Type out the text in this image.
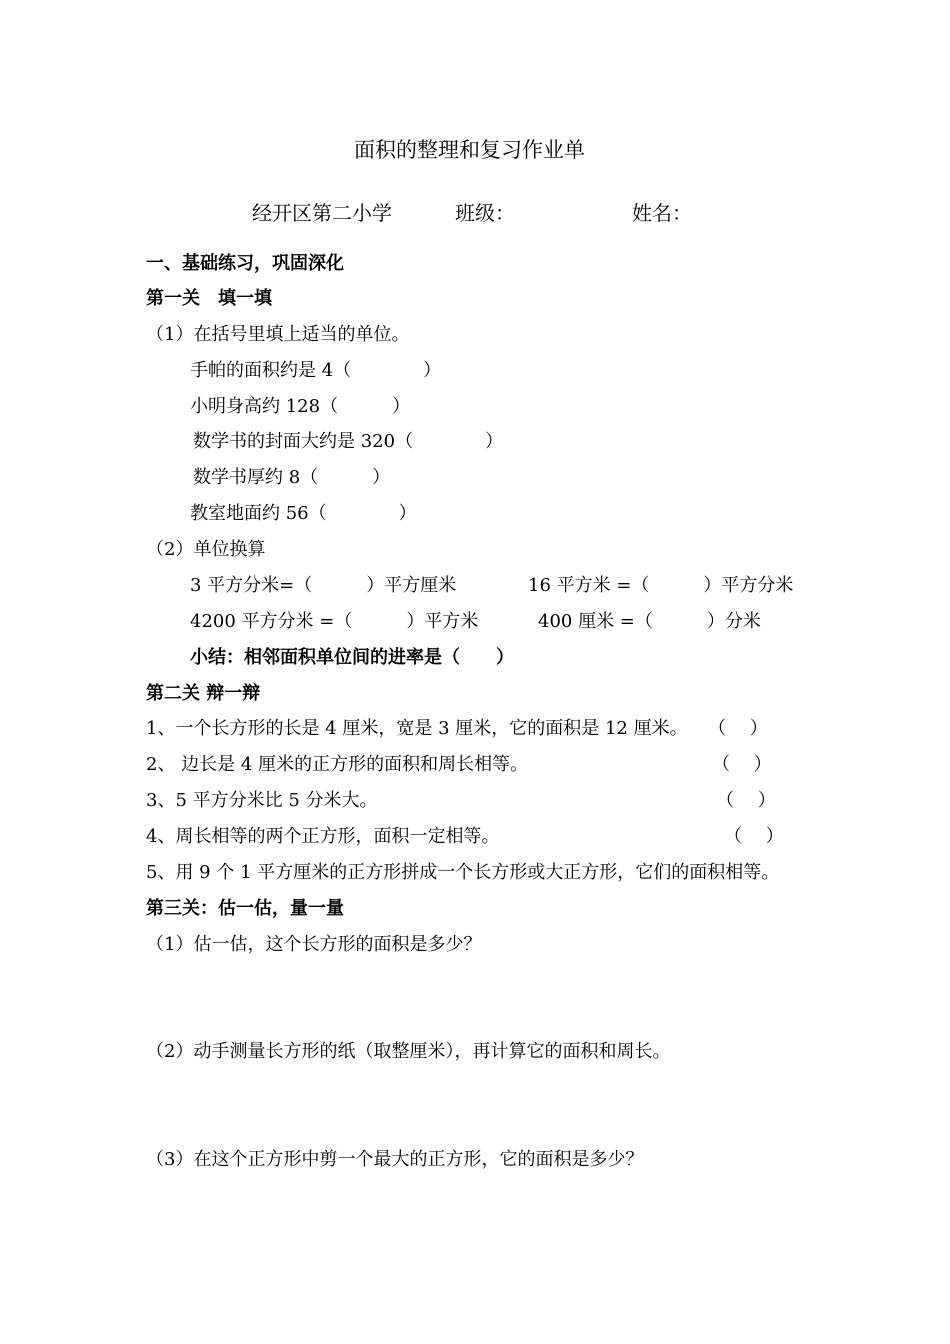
面积的整理和复习作业单
经开区第二小学	班级：	姓名：
一、基础练习，巩固深化
第一关　填一填
（1）在括号里填上适当的单位。
手帕的面积约是 4（　　　　）
小明身高约 128（　　　）
数学书的封面大约是 320（　　　　）
数学书厚约 8（　　　）
教室地面约 56（　　　　）
（2）单位换算
3 平方分米=（　　　）平方厘米	16 平方米 =（　　　）平方分米
4200 平方分米 =（　　　）平方米	400 厘米 =（　　　）分米
小结：相邻面积单位间的进率是（　　）
第二关 辩一辩
1、一个长方形的长是 4 厘米，宽是 3 厘米，它的面积是 12 厘米。 （　 ）
2、 边长是 4 厘米的正方形的面积和周长相等。	（　 ）
3、5 平方分米比 5 分米大。	（　 ）
4、周长相等的两个正方形，面积一定相等。	（　 ）
5、用 9 个 1 平方厘米的正方形拼成一个长方形或大正方形，它们的面积相等。
第三关：估一估，量一量
（1）估一估，这个长方形的面积是多少？
（2）动手测量长方形的纸（取整厘米），再计算它的面积和周长。
（3）在这个正方形中剪一个最大的正方形，它的面积是多少？
